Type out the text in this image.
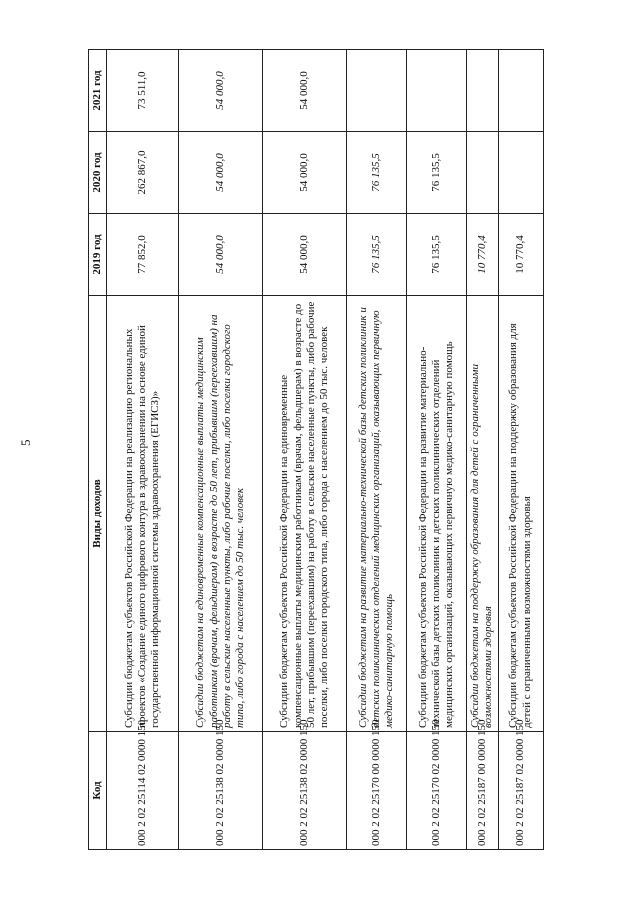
5
Код	Виды доходов	2019 год	2020 год	2021 год
000 2 02 25114 02 0000 150	Субсидии бюджетам субъектов Российской Федерации на реализацию региональных проектов «Создание единого цифрового контура в здравоохранении на основе единой государственной информационной системы здравоохранения (ЕГИСЗ)»	77 852,0	262 867,0	73 511,0
000 2 02 25138 02 0000 150	Субсидии бюджетам на единовременные компенсационные выплаты медицинским работникам (врачам, фельдшерам) в возрасте до 50 лет, прибывшим (переехавшим) на работу в сельские населенные пункты, либо рабочие поселки, либо поселки городского типа, либо города с населением до 50 тыс. человек	54 000,0	54 000,0	54 000,0
000 2 02 25138 02 0000 150	Субсидии бюджетам субъектов Российской Федерации на единовременные компенсационные выплаты медицинским работникам (врачам, фельдшерам) в возрасте до 50 лет, прибывшим (переехавшим) на работу в сельские населенные пункты, либо рабочие поселки, либо поселки городского типа, либо города с населением до 50 тыс. человек	54 000,0	54 000,0	54 000,0
000 2 02 25170 00 0000 150	Субсидии бюджетам на развитие материально-технической базы детских поликлиник и детских поликлинических отделений медицинских организаций, оказывающих первичную медико-санитарную помощь	76 135,5	76 135,5	
000 2 02 25170 02 0000 150	Субсидии бюджетам субъектов Российской Федерации на развитие материально-технической базы детских поликлиник и детских поликлинических отделений медицинских организаций, оказывающих первичную медико-санитарную помощь	76 135,5	76 135,5	
000 2 02 25187 00 0000 150	Субсидии бюджетам на поддержку образования для детей с ограниченными возможностями здоровья	10 770,4		
000 2 02 25187 02 0000 150	Субсидии бюджетам субъектов Российской Федерации на поддержку образования для детей с ограниченными возможностями здоровья	10 770,4		
